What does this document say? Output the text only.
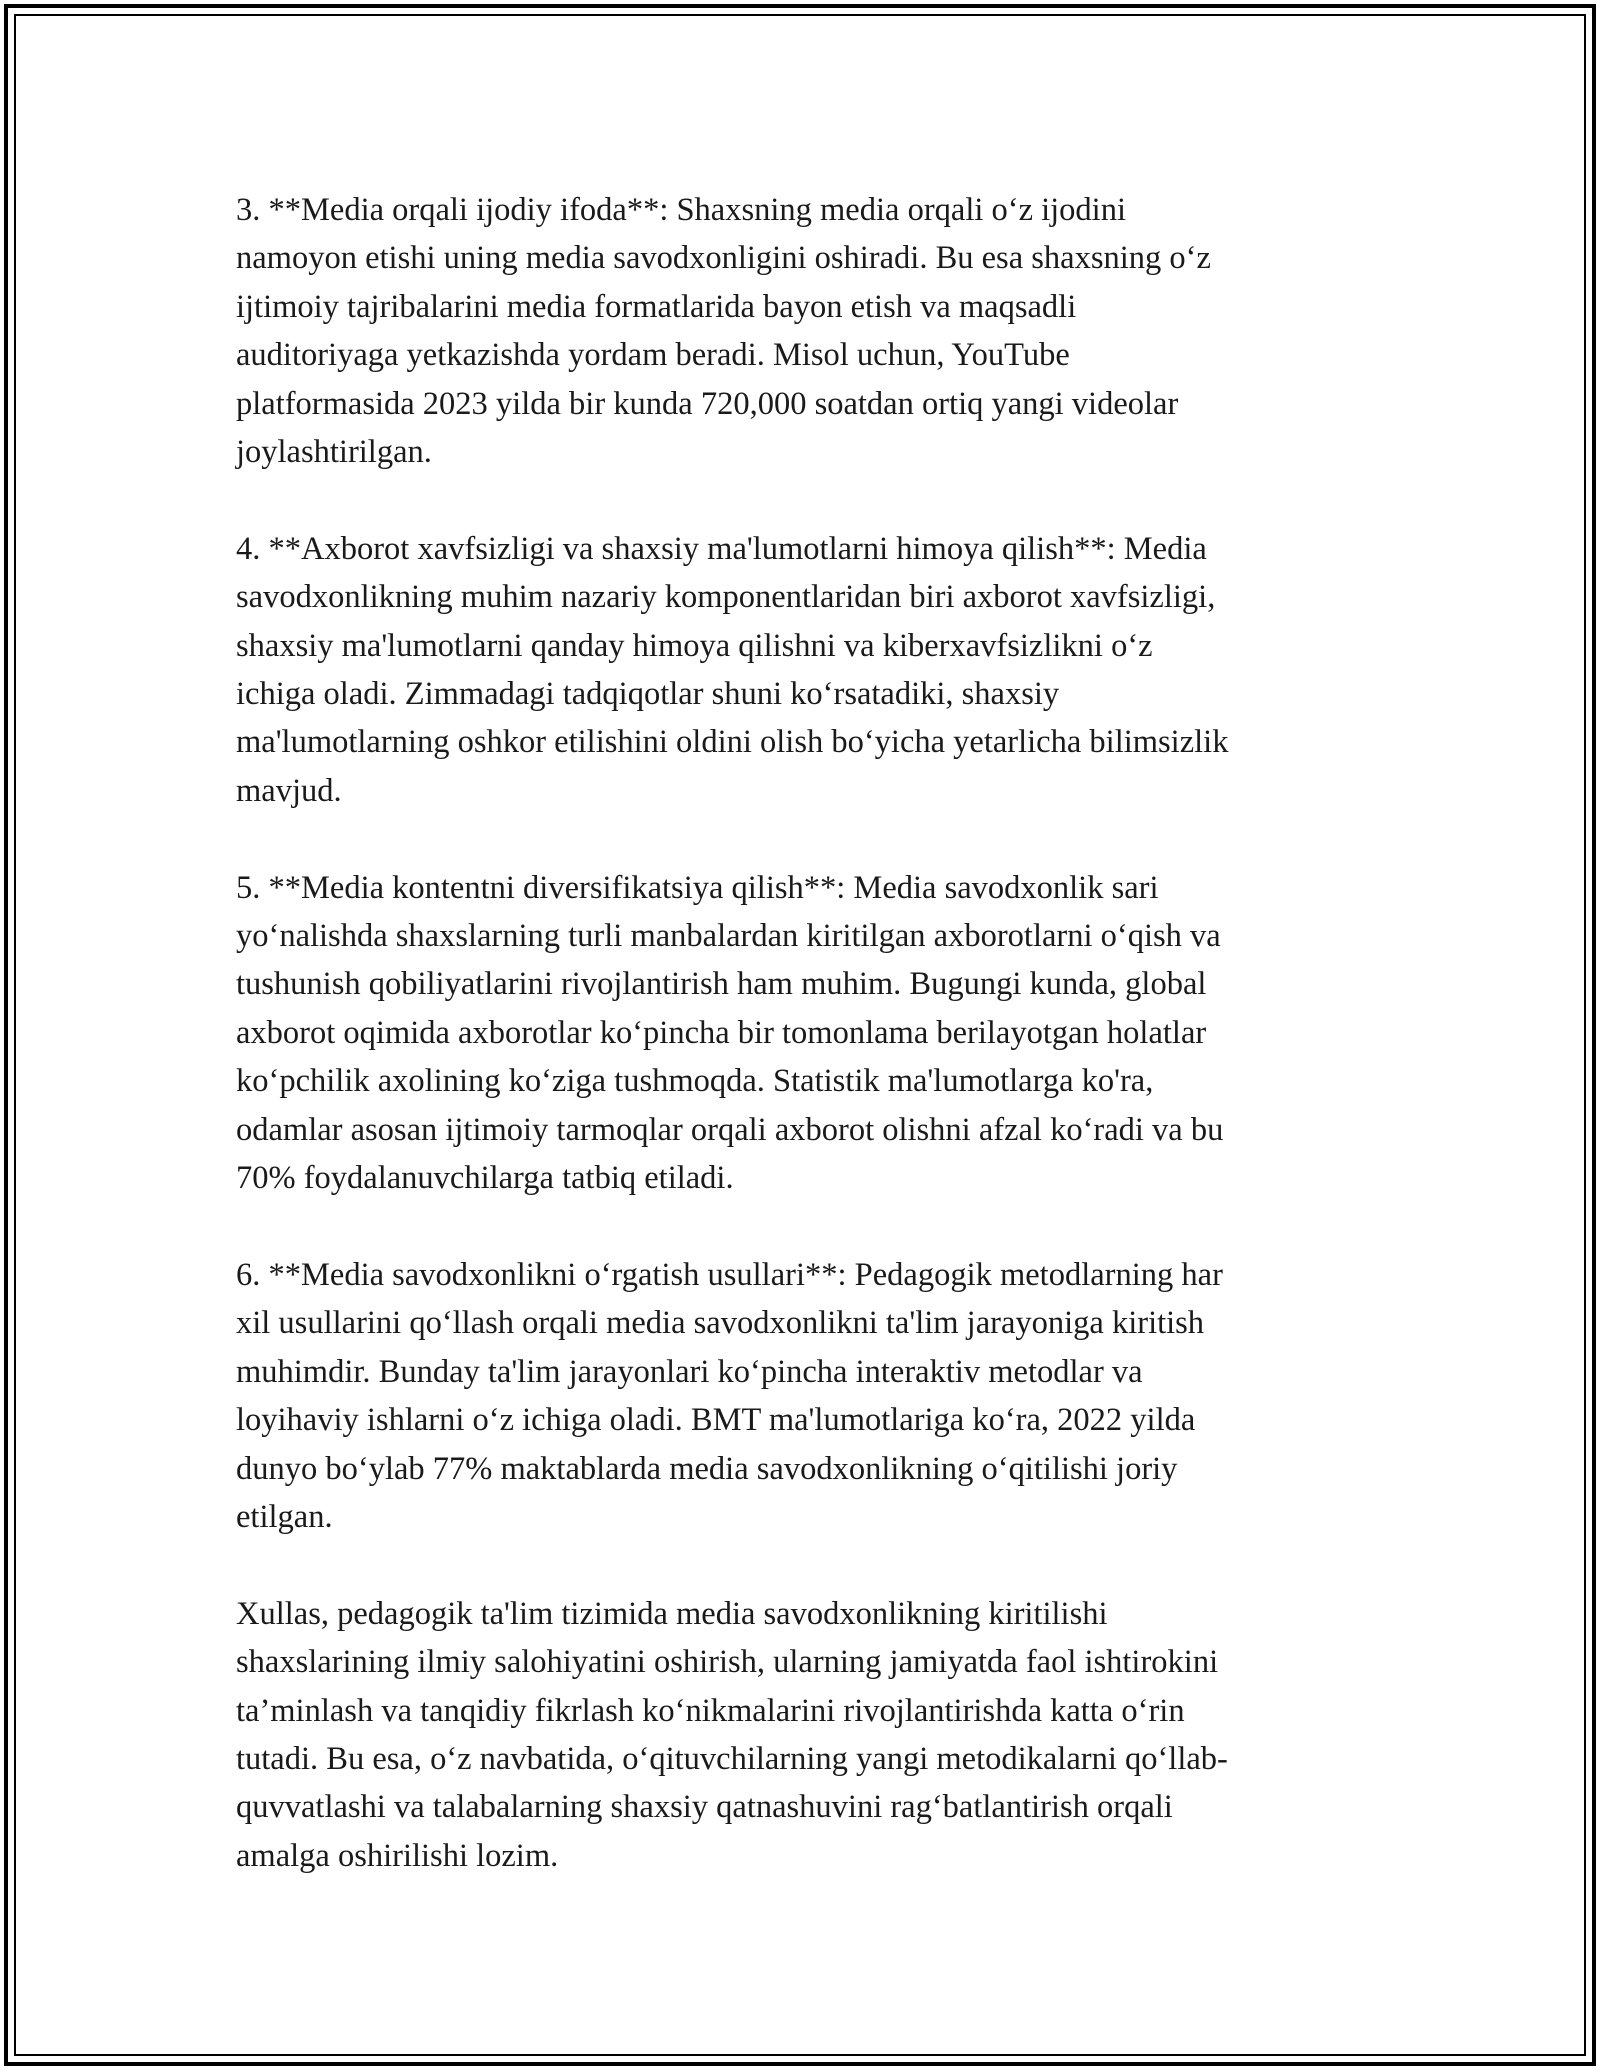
3. **Media orqali ijodiy ifoda**: Shaxsning media orqali o‘z ijodini
namoyon etishi uning media savodxonligini oshiradi. Bu esa shaxsning o‘z
ijtimoiy tajribalarini media formatlarida bayon etish va maqsadli
auditoriyaga yetkazishda yordam beradi. Misol uchun, YouTube
platformasida 2023 yilda bir kunda 720,000 soatdan ortiq yangi videolar
joylashtirilgan.

4. **Axborot xavfsizligi va shaxsiy ma'lumotlarni himoya qilish**: Media
savodxonlikning muhim nazariy komponentlaridan biri axborot xavfsizligi,
shaxsiy ma'lumotlarni qanday himoya qilishni va kiberxavfsizlikni o‘z
ichiga oladi. Zimmadagi tadqiqotlar shuni ko‘rsatadiki, shaxsiy
ma'lumotlarning oshkor etilishini oldini olish bo‘yicha yetarlicha bilimsizlik
mavjud.

5. **Media kontentni diversifikatsiya qilish**: Media savodxonlik sari
yo‘nalishda shaxslarning turli manbalardan kiritilgan axborotlarni o‘qish va
tushunish qobiliyatlarini rivojlantirish ham muhim. Bugungi kunda, global
axborot oqimida axborotlar ko‘pincha bir tomonlama berilayotgan holatlar
ko‘pchilik axolining ko‘ziga tushmoqda. Statistik ma'lumotlarga ko'ra,
odamlar asosan ijtimoiy tarmoqlar orqali axborot olishni afzal ko‘radi va bu
70% foydalanuvchilarga tatbiq etiladi.

6. **Media savodxonlikni o‘rgatish usullari**: Pedagogik metodlarning har
xil usullarini qo‘llash orqali media savodxonlikni ta'lim jarayoniga kiritish
muhimdir. Bunday ta'lim jarayonlari ko‘pincha interaktiv metodlar va
loyihaviy ishlarni o‘z ichiga oladi. BMT ma'lumotlariga ko‘ra, 2022 yilda
dunyo bo‘ylab 77% maktablarda media savodxonlikning o‘qitilishi joriy
etilgan.

Xullas, pedagogik ta'lim tizimida media savodxonlikning kiritilishi
shaxslarining ilmiy salohiyatini oshirish, ularning jamiyatda faol ishtirokini
ta’minlash va tanqidiy fikrlash ko‘nikmalarini rivojlantirishda katta o‘rin
tutadi. Bu esa, o‘z navbatida, o‘qituvchilarning yangi metodikalarni qo‘llab-
quvvatlashi va talabalarning shaxsiy qatnashuvini rag‘batlantirish orqali
amalga oshirilishi lozim.
